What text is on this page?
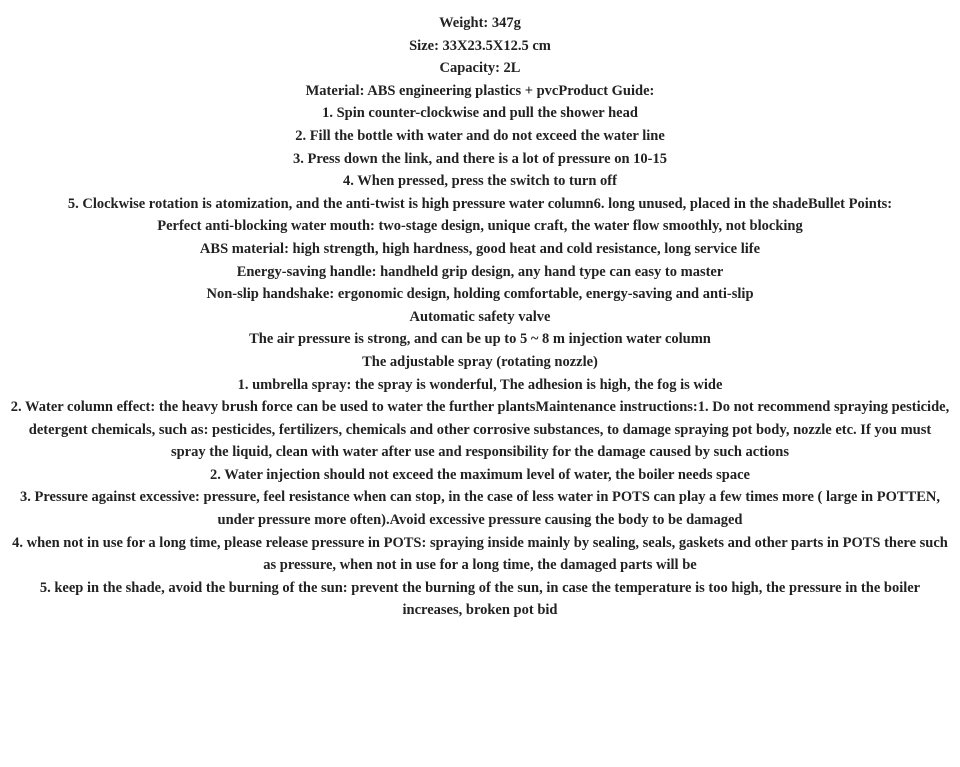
Weight: 347g

Size: 33X23.5X12.5 cm

Capacity: 2L

Material: ABS engineering plastics + pvcProduct Guide:

1. Spin counter-clockwise and pull the shower head

2. Fill the bottle with water and do not exceed the water line

3. Press down the link, and there is a lot of pressure on 10-15

4. When pressed, press the switch to turn off

5. Clockwise rotation is atomization, and the anti-twist is high pressure water column6. long unused, placed in the shadeBullet Points:

Perfect anti-blocking water mouth: two-stage design, unique craft, the water flow smoothly, not blocking

ABS material: high strength, high hardness, good heat and cold resistance, long service life

Energy-saving handle: handheld grip design, any hand type can easy to master

Non-slip handshake: ergonomic design, holding comfortable, energy-saving and anti-slip

Automatic safety valve

The air pressure is strong, and can be up to 5 ~ 8 m injection water column

The adjustable spray (rotating nozzle)

1. umbrella spray: the spray is wonderful, The adhesion is high, the fog is wide

2. Water column effect: the heavy brush force can be used to water the further plantsMaintenance instructions:1. Do not recommend spraying pesticide, detergent chemicals, such as: pesticides, fertilizers, chemicals and other corrosive substances, to damage spraying pot body, nozzle etc. If you must spray the liquid, clean with water after use and responsibility for the damage caused by such actions

2. Water injection should not exceed the maximum level of water, the boiler needs space

3. Pressure against excessive: pressure, feel resistance when can stop, in the case of less water in POTS can play a few times more ( large in POTTEN, under pressure more often).Avoid excessive pressure causing the body to be damaged

4. when not in use for a long time, please release pressure in POTS: spraying inside mainly by sealing, seals, gaskets and other parts in POTS there such as pressure, when not in use for a long time, the damaged parts will be

5. keep in the shade, avoid the burning of the sun: prevent the burning of the sun, in case the temperature is too high, the pressure in the boiler increases, broken pot bid
